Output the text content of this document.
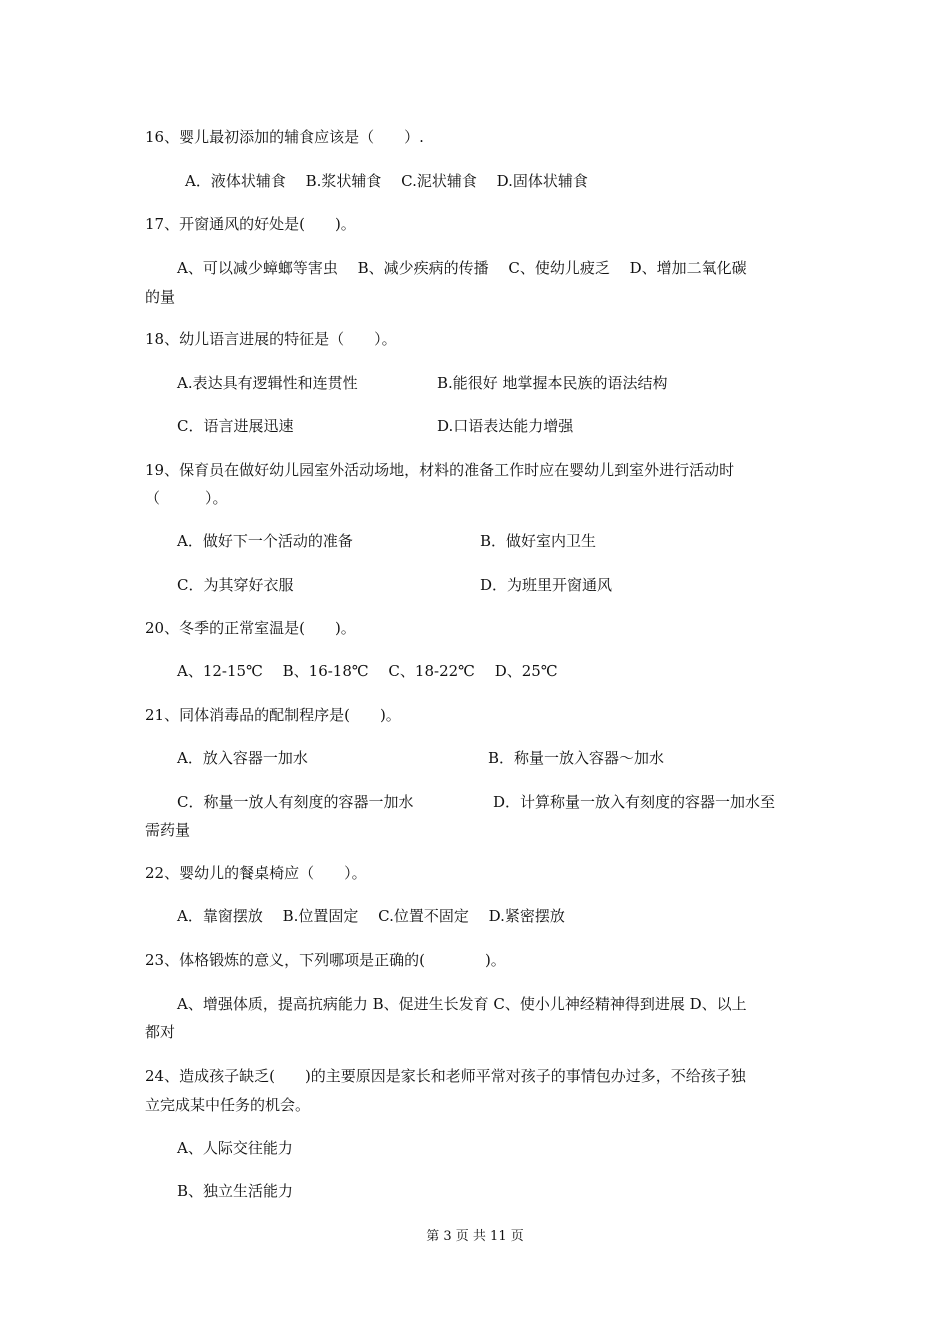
16、婴儿最初添加的辅食应该是（　　）.
A．液体状辅食　 B.浆状辅食　 C.泥状辅食　 D.固体状辅食
17、开窗通风的好处是(　　)。
A、可以减少蟑螂等害虫　 B、减少疾病的传播　 C、使幼儿疲乏　 D、增加二氧化碳
的量
18、幼儿语言进展的特征是（　　）。
A.表达具有逻辑性和连贯性	B.能很好 地掌握本民族的语法结构
C．语言进展迅速	D.口语表达能力增强
19、保育员在做好幼儿园室外活动场地，材料的准备工作时应在婴幼儿到室外进行活动时
（　　　）。
A．做好下一个活动的准备	B．做好室内卫生
C．为其穿好衣服	D．为班里开窗通风
20、冬季的正常室温是(　　)。
A、12-15℃　 B、16-18℃　 C、18-22℃　 D、25℃
21、同体消毒品的配制程序是(　　)。
A．放入容器一加水	B．称量一放入容器～加水
C．称量一放人有刻度的容器一加水	D．计算称量一放入有刻度的容器一加水至
需药量
22、婴幼儿的餐桌椅应（　　）。
A．靠窗摆放　 B.位置固定　 C.位置不固定　 D.紧密摆放
23、体格锻炼的意义，下列哪项是正确的(　　　　)。
A、增强体质，提高抗病能力 B、促进生长发育 C、使小儿神经精神得到进展 D、以上
都对
24、造成孩子缺乏(　　)的主要原因是家长和老师平常对孩子的事情包办过多，不给孩子独
立完成某中任务的机会。
A、人际交往能力
B、独立生活能力
第 3 页 共 11 页
